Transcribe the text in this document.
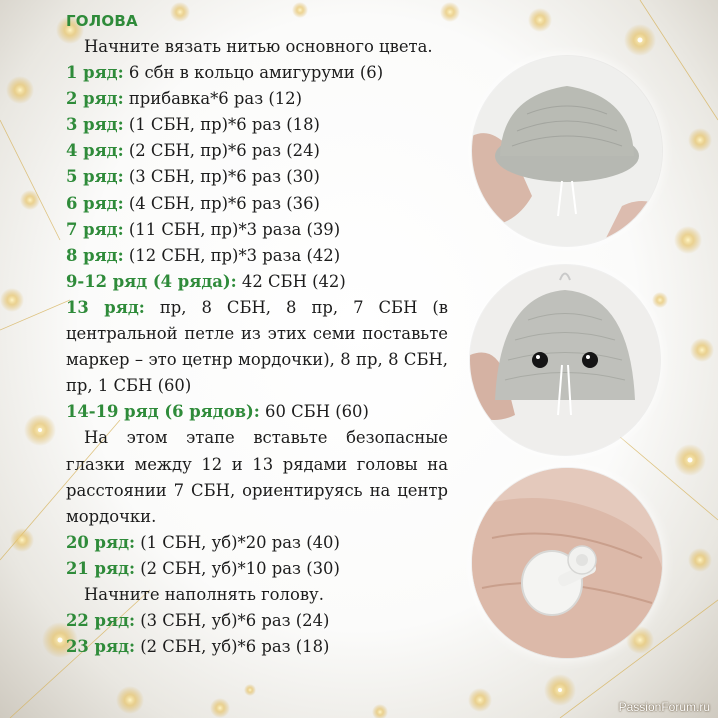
ГОЛОВА
Начните вязать нитью основного цвета.
1 ряд: 6 сбн в кольцо амигуруми (6)
2 ряд: прибавка*6 раз (12)
3 ряд: (1 СБН, пр)*6 раз (18)
4 ряд: (2 СБН, пр)*6 раз (24)
5 ряд: (3 СБН, пр)*6 раз (30)
6 ряд: (4 СБН, пр)*6 раз (36)
7 ряд: (11 СБН, пр)*3 раза (39)
8 ряд: (12 СБН, пр)*3 раза (42)
9-12 ряд (4 ряда): 42 СБН (42)
13 ряд: пр, 8 СБН, 8 пр, 7 СБН (в центральной петле из этих семи поставьте маркер – это цетнр мордочки), 8 пр, 8 СБН, пр, 1 СБН (60)
14-19 ряд (6 рядов): 60 СБН (60)
На этом этапе вставьте безопасные глазки между 12 и 13 рядами головы на расстоянии 7 СБН, ориентируясь на центр мордочки.
20 ряд: (1 СБН, уб)*20 раз (40)
21 ряд: (2 СБН, уб)*10 раз (30)
Начните наполнять голову.
22 ряд: (3 СБН, уб)*6 раз (24)
23 ряд: (2 СБН, уб)*6 раз (18)
PassionForum.ru
